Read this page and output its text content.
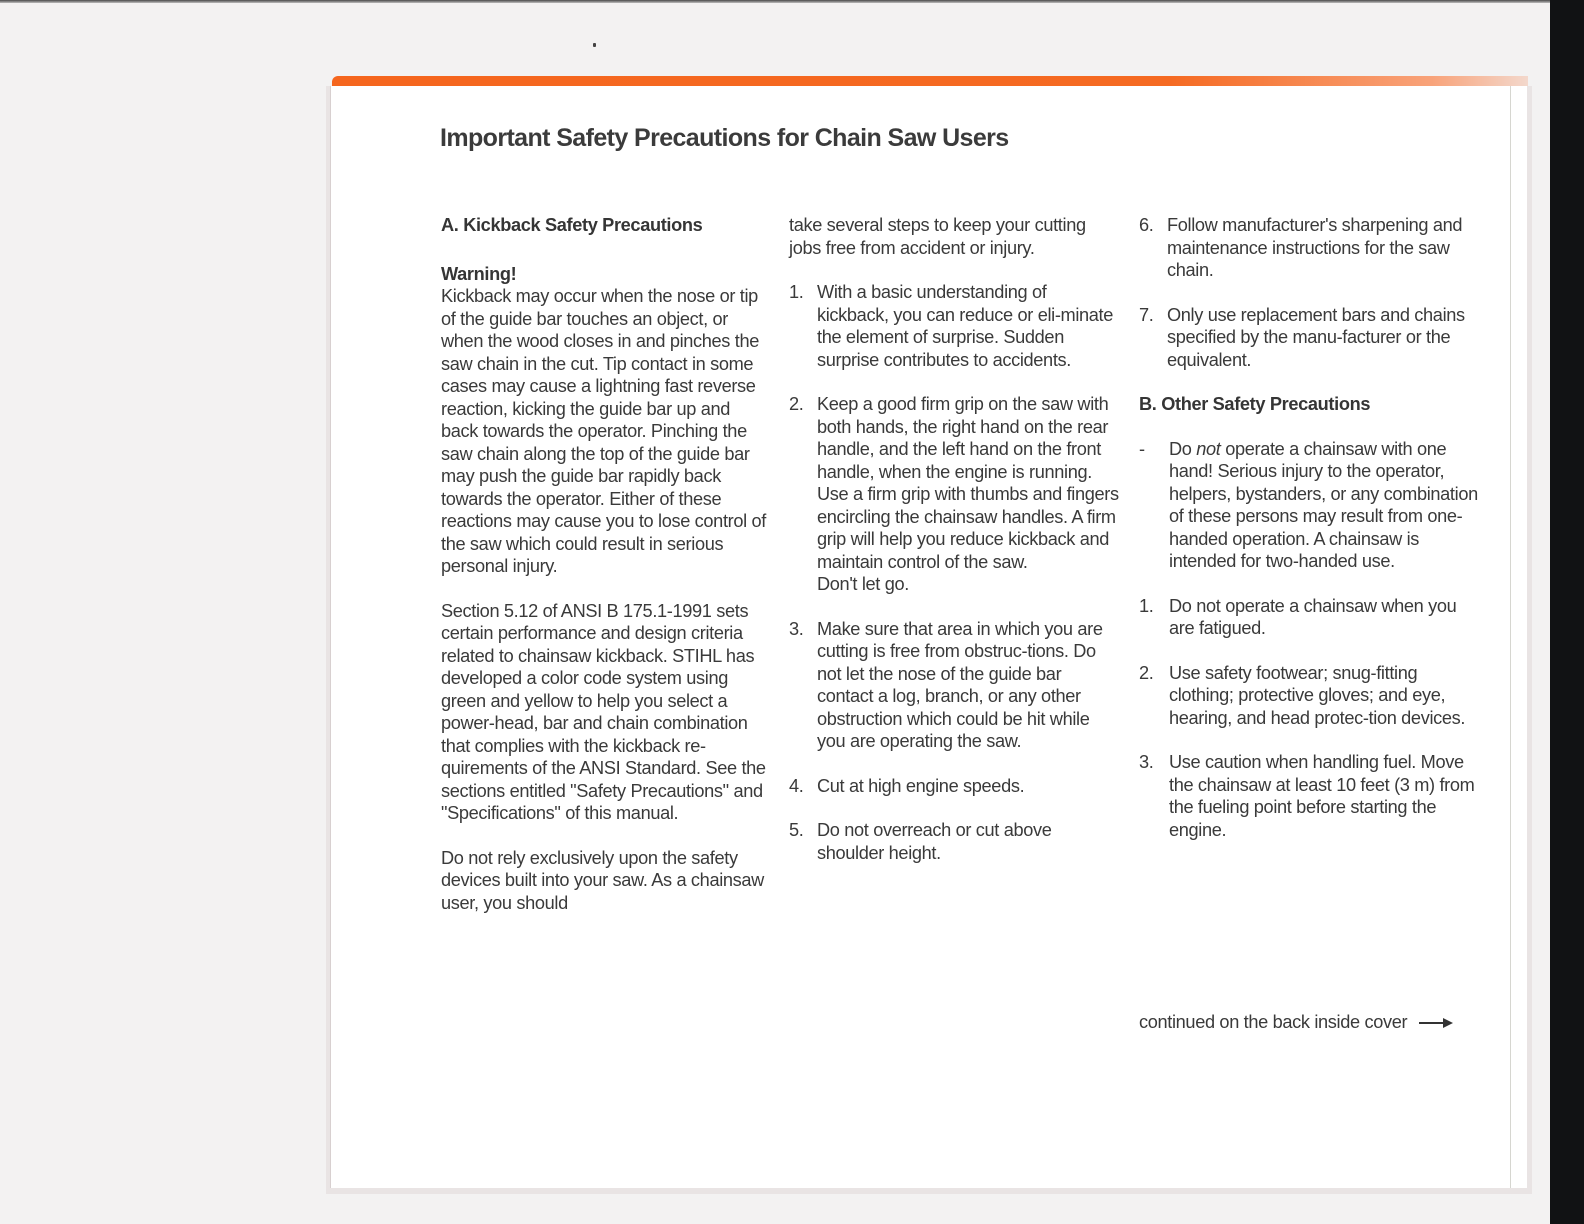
Important Safety Precautions for Chain Saw Users

A. Kickback Safety Precautions

Warning!

Kickback may occur when the nose or tip of the guide bar touches an object, or when the wood closes in and pinches the saw chain in the cut. Tip contact in some cases may cause a lightning fast reverse reaction, kicking the guide bar up and back towards the operator. Pinching the saw chain along the top of the guide bar may push the guide bar rapidly back towards the operator. Either of these reactions may cause you to lose control of the saw which could result in serious personal injury.

Section 5.12 of ANSI B 175.1-1991 sets certain performance and design criteria related to chainsaw kickback. STIHL has developed a color code system using green and yellow to help you select a power-head, bar and chain combination that complies with the kickback re-quirements of the ANSI Standard. See the sections entitled "Safety Precautions" and "Specifications" of this manual.

Do not rely exclusively upon the safety devices built into your saw. As a chainsaw user, you should

take several steps to keep your cutting jobs free from accident or injury.

1. With a basic understanding of kickback, you can reduce or eli-minate the element of surprise. Sudden surprise contributes to accidents.
2. Keep a good firm grip on the saw with both hands, the right hand on the rear handle, and the left hand on the front handle, when the engine is running. Use a firm grip with thumbs and fingers encircling the chainsaw handles. A firm grip will help you reduce kickback and maintain control of the saw.
Don't let go.
3. Make sure that area in which you are cutting is free from obstruc-tions. Do not let the nose of the guide bar contact a log, branch, or any other obstruction which could be hit while you are operating the saw.
4. Cut at high engine speeds.
5. Do not overreach or cut above shoulder height.
6. Follow manufacturer's sharpening and maintenance instructions for the saw chain.
7. Only use replacement bars and chains specified by the manu-facturer or the equivalent.

B. Other Safety Precautions

-	Do not operate a chainsaw with one hand! Serious injury to the operator, helpers, bystanders, or any combination of these persons may result from one-handed operation. A chainsaw is intended for two-handed use.
1. Do not operate a chainsaw when you are fatigued.
2. Use safety footwear; snug-fitting clothing; protective gloves; and eye, hearing, and head protec-tion devices.
3. Use caution when handling fuel. Move the chainsaw at least 10 feet (3 m) from the fueling point before starting the engine.
continued on the back inside cover
